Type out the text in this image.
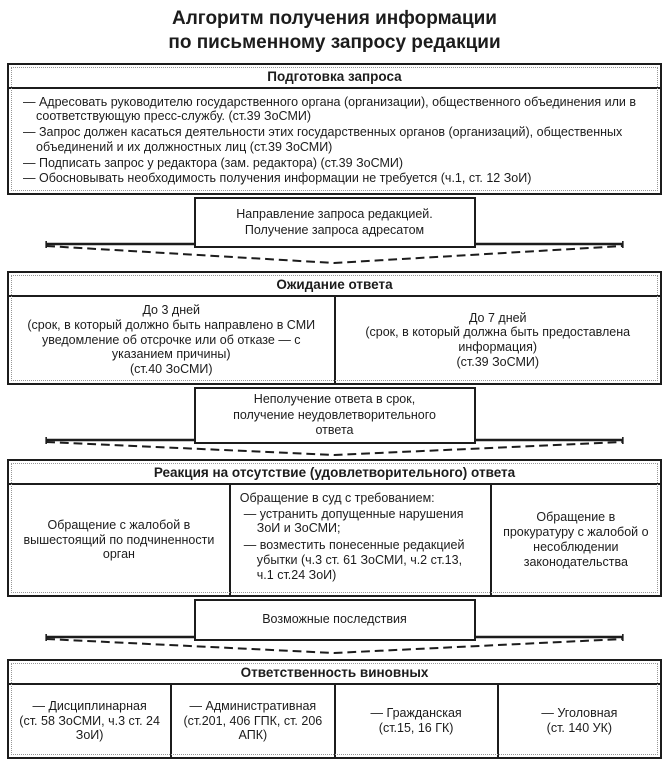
Алгоритм получения информации
по письменному запросу редакции
Подготовка запроса
— Адресовать руководителю государственного органа (организации), общественного объединения или в соответствующую пресс-службу. (ст.39 ЗоСМИ)
— Запрос должен касаться деятельности этих государственных органов (организаций), общественных объединений и их должностных лиц (ст.39 ЗоСМИ)
— Подписать запрос у редактора (зам. редактора) (ст.39 ЗоСМИ)
— Обосновывать необходимость получения информации не требуется (ч.1, ст. 12 ЗоИ)
Направление запроса редакцией.
Получение запроса адресатом
Ожидание ответа
До 3 дней
(срок, в который должно быть направлено в СМИ уведомление об отсрочке или об отказе — с указанием причины)
(ст.40 ЗоСМИ)
До 7 дней
(срок, в который должна быть предоставлена информация)
(ст.39 ЗоСМИ)
Неполучение ответа в срок,
получение неудовлетворительного
ответа
Реакция на отсутствие (удовлетворительного) ответа
Обращение с жалобой в вышестоящий по подчиненности орган
Обращение в суд с требованием:
— устранить допущенные нарушения ЗоИ и ЗоСМИ;
— возместить понесенные редакцией убытки (ч.3 ст. 61 ЗоСМИ, ч.2 ст.13, ч.1 ст.24 ЗоИ)
Обращение в прокуратуру с жалобой о несоблюдении законодательства
Возможные последствия
Ответственность виновных
— Дисциплинарная
(ст. 58 ЗоСМИ, ч.3 ст. 24 ЗоИ)
— Административная
(ст.201, 406 ГПК, ст. 206 АПК)
— Гражданская
(ст.15, 16 ГК)
— Уголовная
(ст. 140 УК)
